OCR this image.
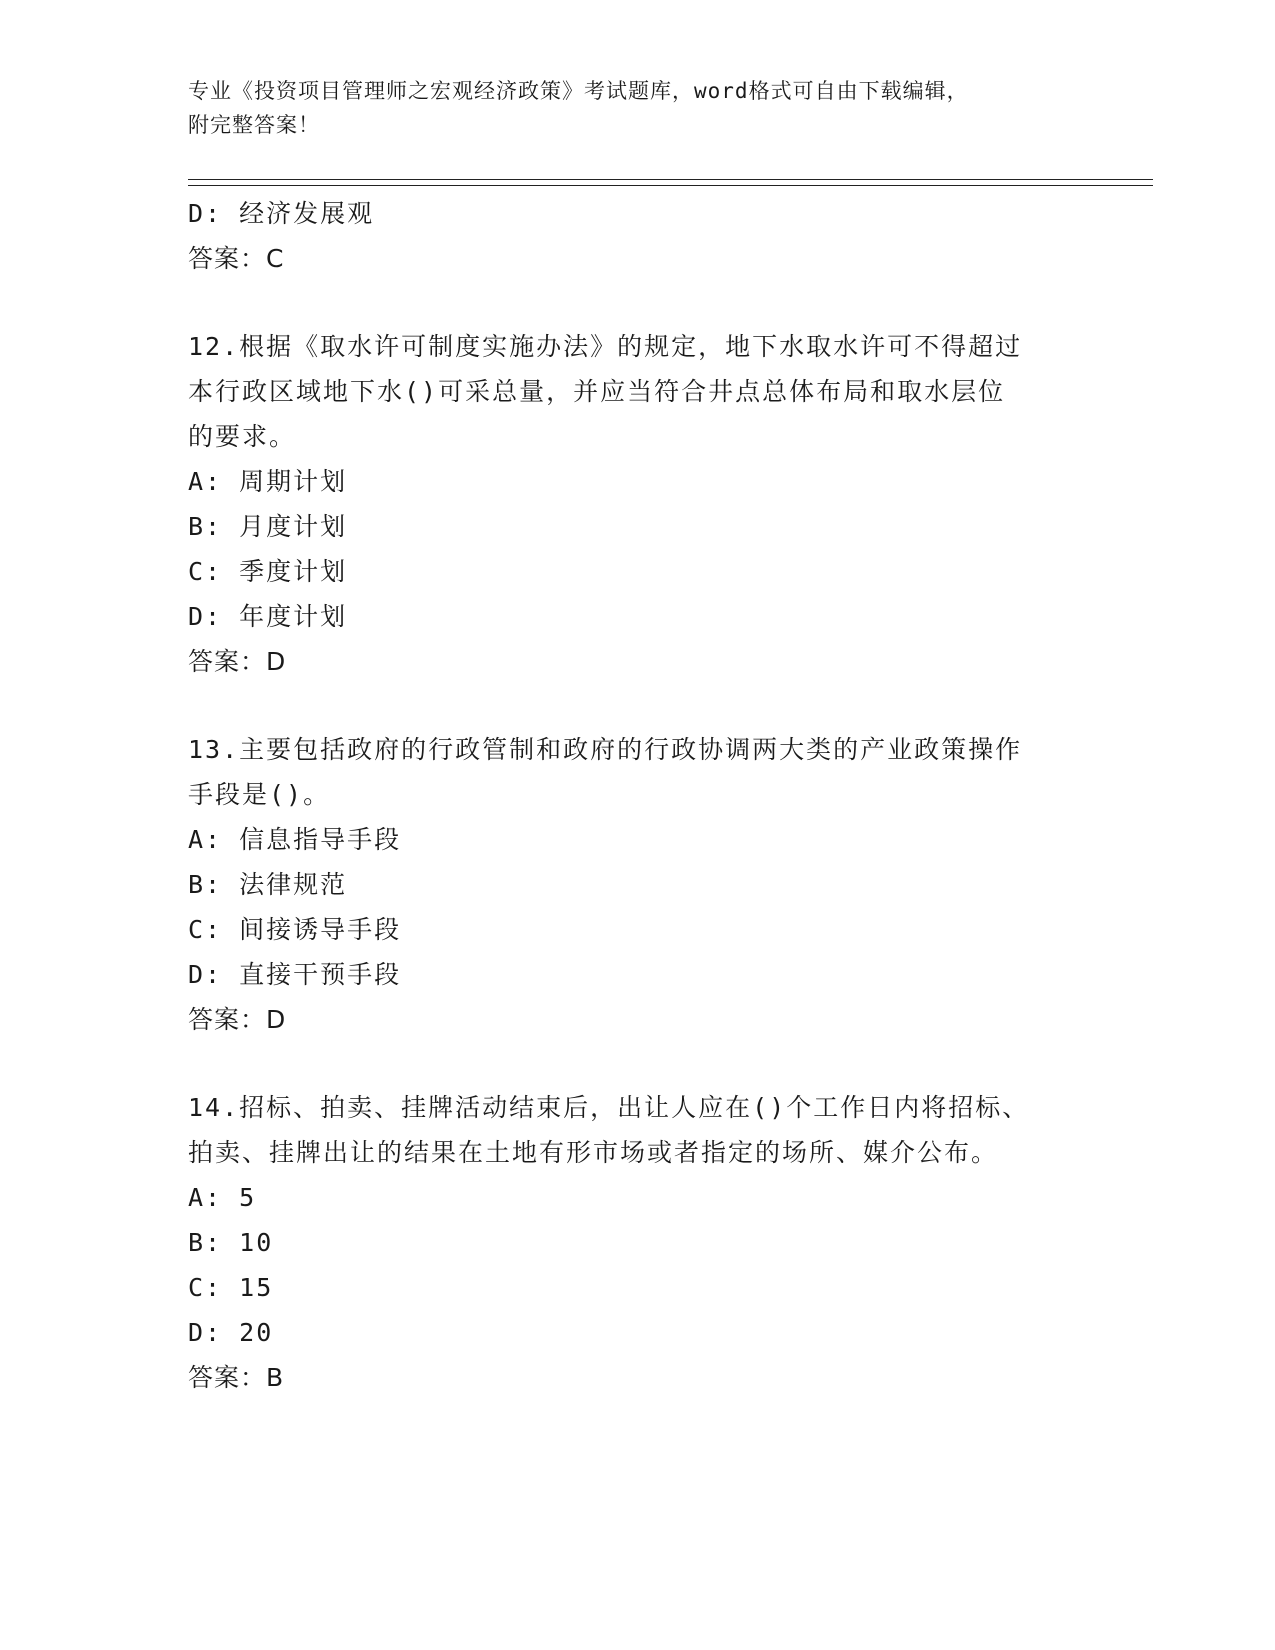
专业《投资项目管理师之宏观经济政策》考试题库，word格式可自由下载编辑，
附完整答案！
D: 经济发展观
答案：C
12.根据《取水许可制度实施办法》的规定，地下水取水许可不得超过
本行政区域地下水()可采总量，并应当符合井点总体布局和取水层位
的要求。
A: 周期计划
B: 月度计划
C: 季度计划
D: 年度计划
答案：D
13.主要包括政府的行政管制和政府的行政协调两大类的产业政策操作
手段是()。
A: 信息指导手段
B: 法律规范
C: 间接诱导手段
D: 直接干预手段
答案：D
14.招标、拍卖、挂牌活动结束后，出让人应在()个工作日内将招标、
拍卖、挂牌出让的结果在土地有形市场或者指定的场所、媒介公布。
A: 5
B: 10
C: 15
D: 20
答案：B
